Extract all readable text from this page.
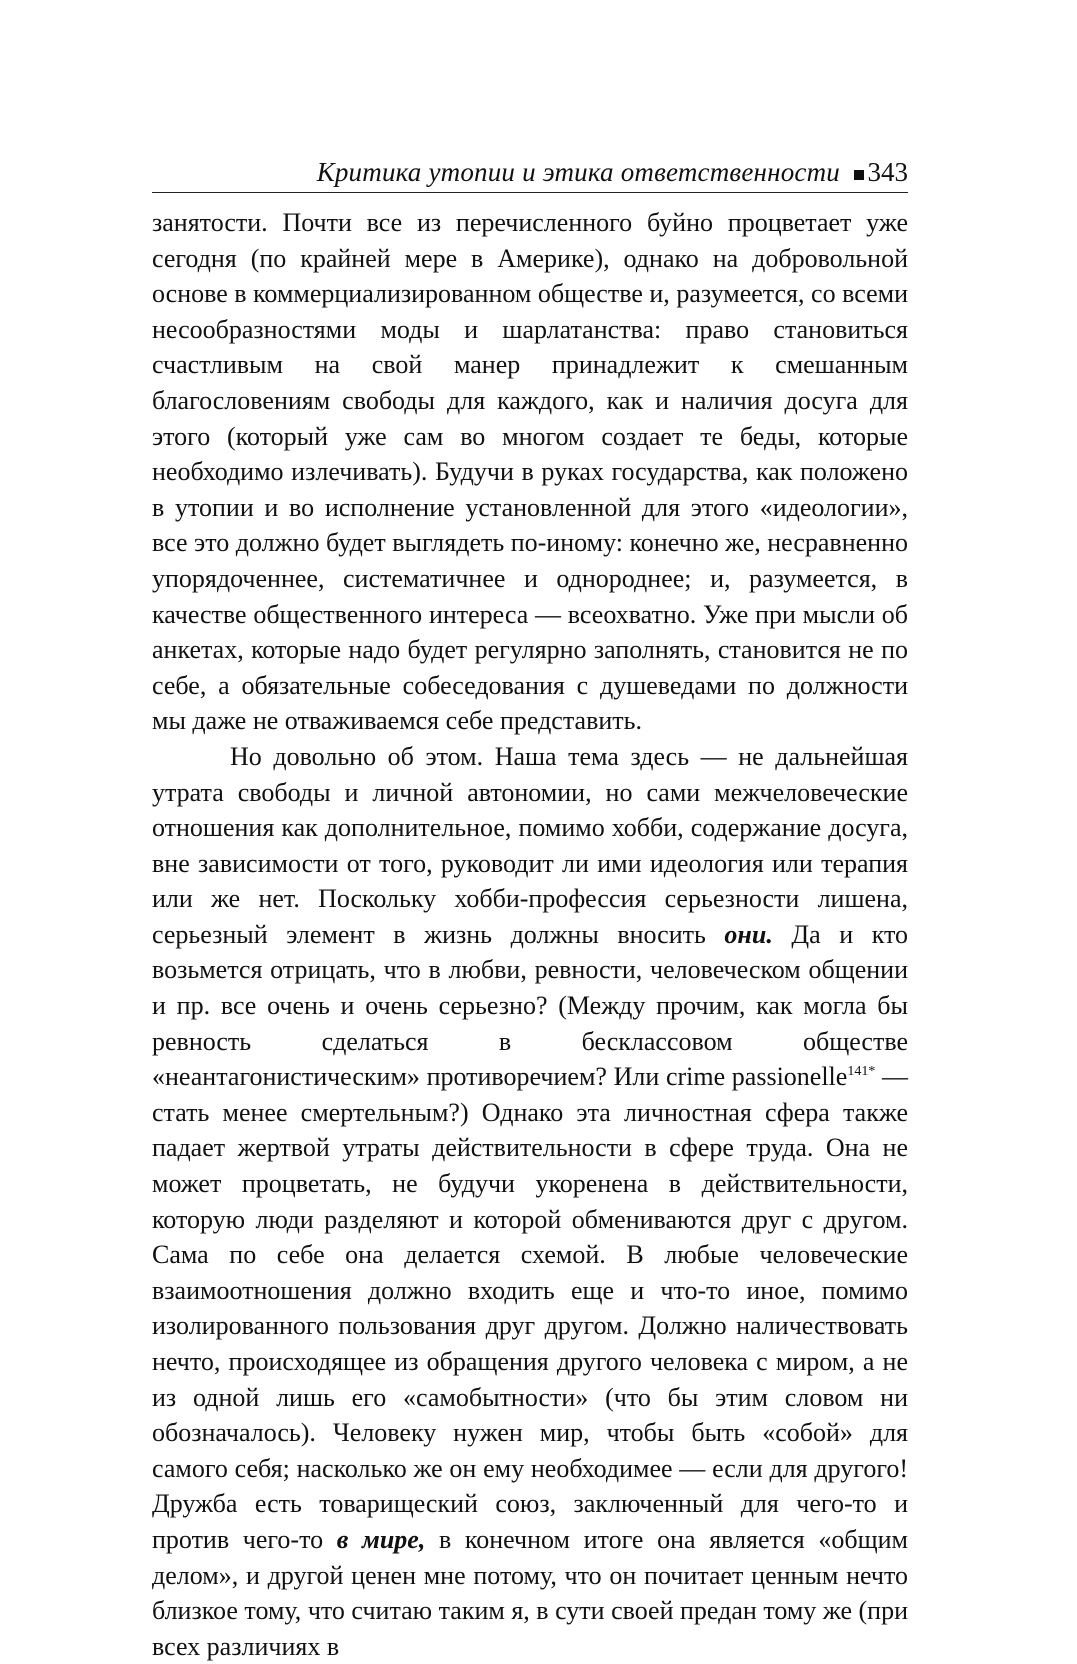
Критика утопии и этика ответственности 343

занятости. Почти все из перечисленного буйно процветает уже сегодня (по крайней мере в Америке), однако на добровольной основе в коммерциализированном обществе и, разумеется, со всеми несообразностями моды и шарлатанства: право становиться счастливым на свой манер принадлежит к смешанным благословениям свободы для каждого, как и наличия досуга для этого (который уже сам во многом создает те беды, которые необходимо излечивать). Будучи в руках государства, как положено в утопии и во исполнение установленной для этого «идеологии», все это должно будет выглядеть по-иному: конечно же, несравненно упорядоченнее, систематичнее и однороднее; и, разумеется, в качестве общественного интереса — всеохватно. Уже при мысли об анкетах, которые надо будет регулярно заполнять, становится не по себе, а обязательные собеседования с душеведами по должности мы даже не отваживаемся себе представить.

Но довольно об этом. Наша тема здесь — не дальнейшая утрата свободы и личной автономии, но сами межчеловеческие отношения как дополнительное, помимо хобби, содержание досуга, вне зависимости от того, руководит ли ими идеология или терапия или же нет. Поскольку хобби-профессия серьезности лишена, серьезный элемент в жизнь должны вносить они. Да и кто возьмется отрицать, что в любви, ревности, человеческом общении и пр. все очень и очень серьезно? (Между прочим, как могла бы ревность сделаться в бесклассовом обществе «неантагонистическим» противоречием? Или crime passionelle$^{141*}$ — стать менее смертельным?) Однако эта личностная сфера также падает жертвой утраты действительности в сфере труда. Она не может процветать, не будучи укоренена в действительности, которую люди разделяют и которой обмениваются друг с другом. Сама по себе она делается схемой. В любые человеческие взаимоотношения должно входить еще и что-то иное, помимо изолированного пользования друг другом. Должно наличествовать нечто, происходящее из обращения другого человека с миром, а не из одной лишь его «самобытности» (что бы этим словом ни обозначалось). Человеку нужен мир, чтобы быть «собой» для самого себя; насколько же он ему необходимее — если для другого! Дружба есть товарищеский союз, заключенный для чего-то и против чего-то в мире, в конечном итоге она является «общим делом», и другой ценен мне потому, что он почитает ценным нечто близкое тому, что считаю таким я, в сути своей предан тому же (при всех различиях в
